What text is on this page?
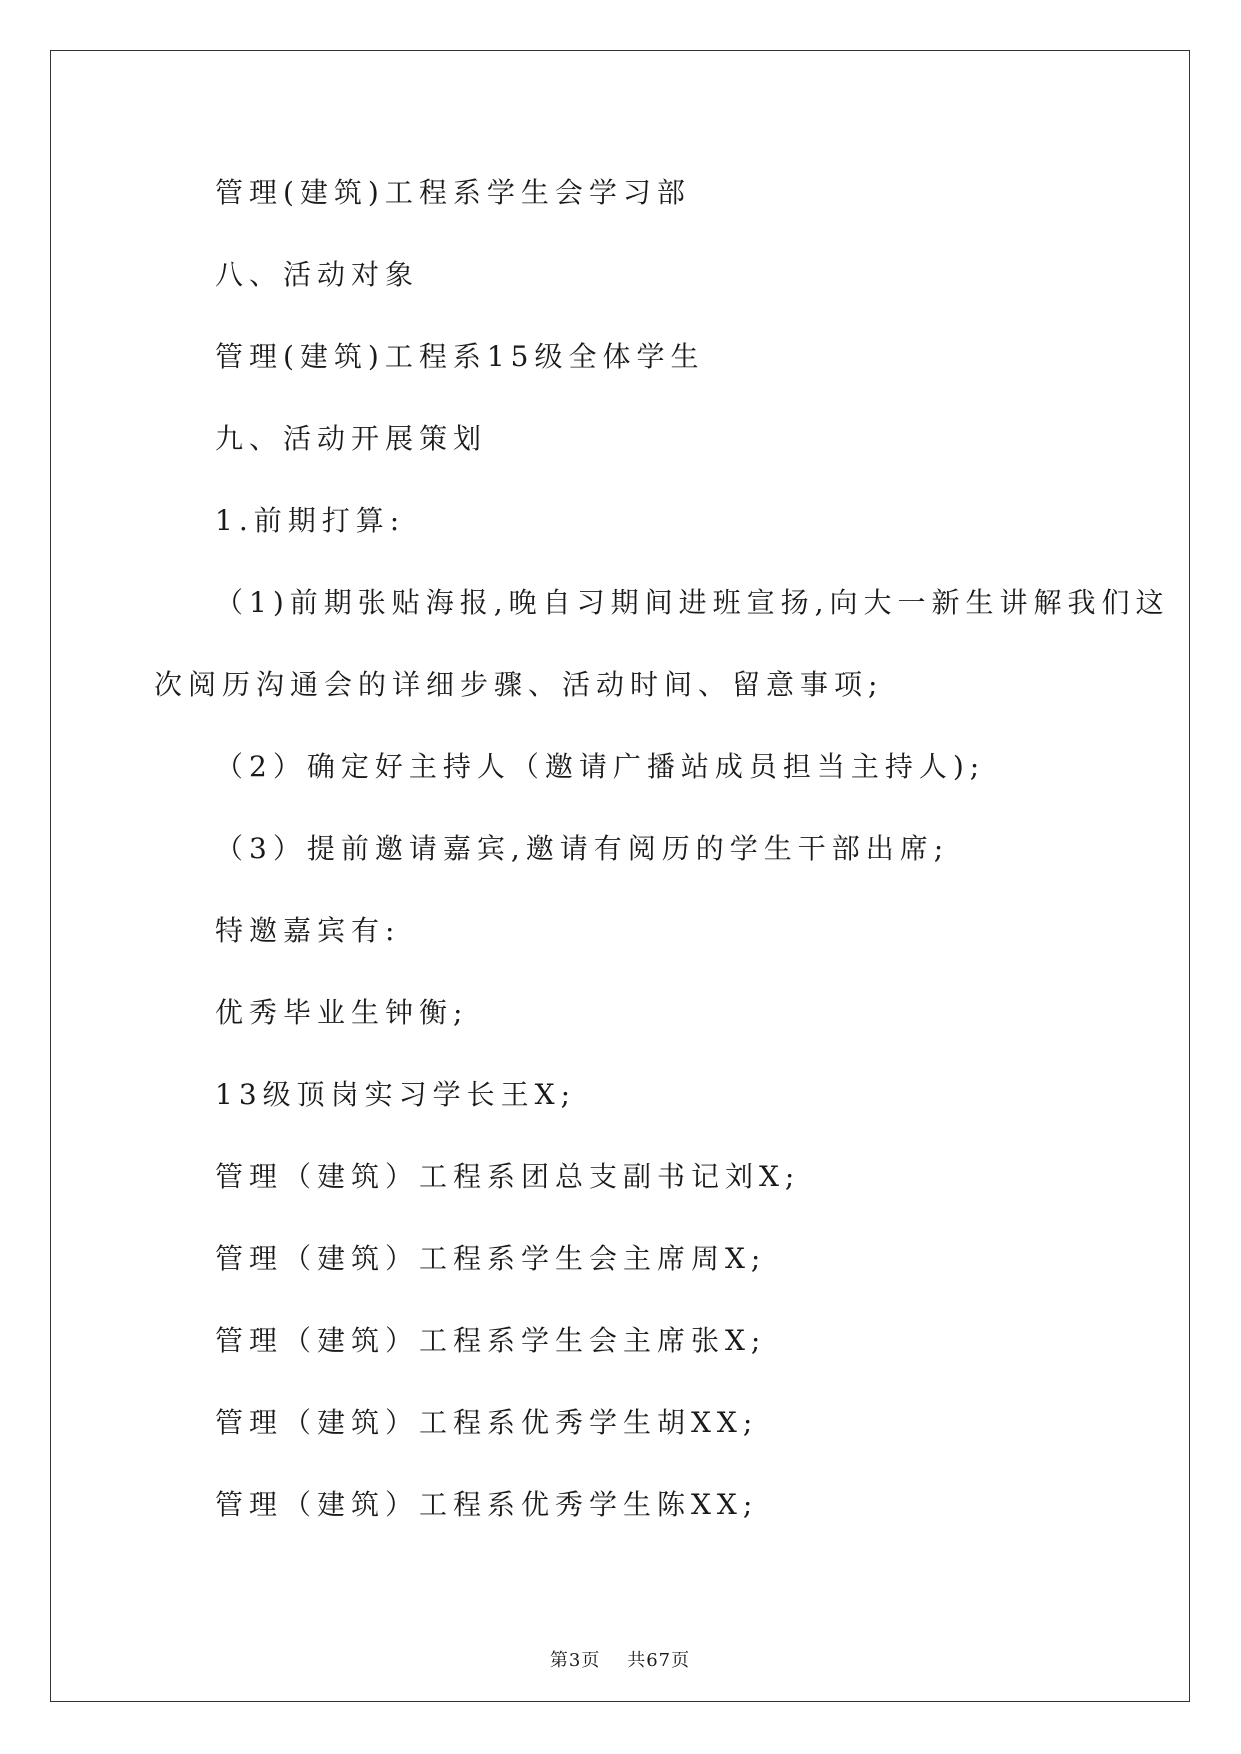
管理(建筑)工程系学生会学习部
八、活动对象
管理(建筑)工程系15级全体学生
九、活动开展策划
1.前期打算:
（1)前期张贴海报,晚自习期间进班宣扬,向大一新生讲解我们这
次阅历沟通会的详细步骤、活动时间、留意事项;
（2）确定好主持人（邀请广播站成员担当主持人);
（3）提前邀请嘉宾,邀请有阅历的学生干部出席;
特邀嘉宾有:
优秀毕业生钟衡;
13级顶岗实习学长王X;
管理（建筑）工程系团总支副书记刘X;
管理（建筑）工程系学生会主席周X;
管理（建筑）工程系学生会主席张X;
管理（建筑）工程系优秀学生胡XX;
管理（建筑）工程系优秀学生陈XX;
第3页 共67页
